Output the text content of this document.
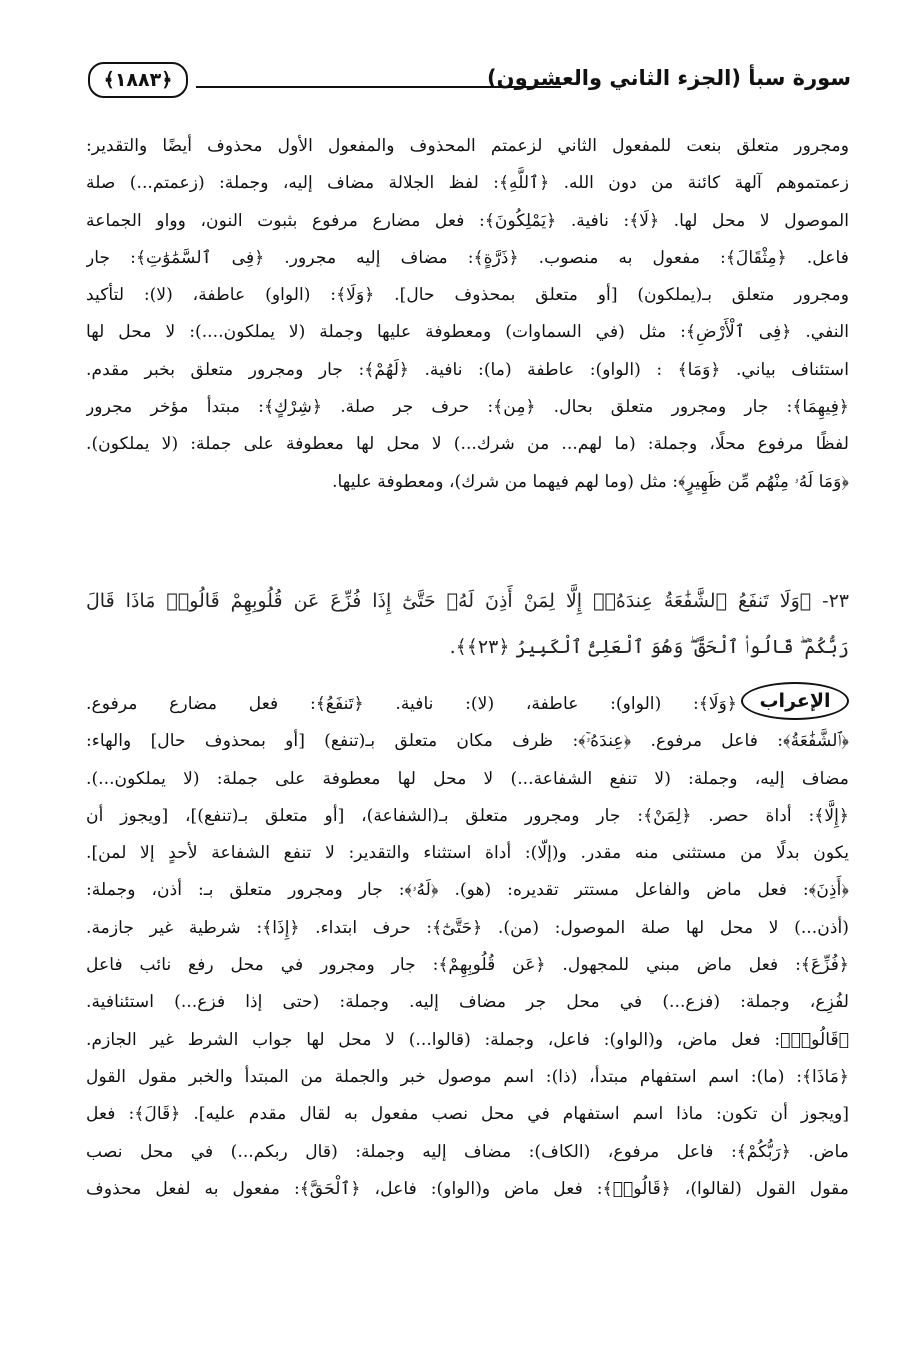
سورة سبأ (الجزء الثاني والعشرون)
﴿١٨٨٣﴾
ومجرور متعلق بنعت للمفعول الثاني لزعمتم المحذوف والمفعول الأول محذوف أيضًا والتقدير:
زعمتموهم آلهة كائنة من دون الله. ﴿ٱللَّهِ﴾: لفظ الجلالة مضاف إليه، وجملة: (زعمتم...) صلة
الموصول لا محل لها. ﴿لَا﴾: نافية. ﴿يَمْلِكُونَ﴾: فعل مضارع مرفوع بثبوت النون، وواو الجماعة
فاعل. ﴿مِثْقَالَ﴾: مفعول به منصوب. ﴿ذَرَّةٍ﴾: مضاف إليه مجرور. ﴿فِى ٱلسَّمَٰوَٰتِ﴾: جار
ومجرور متعلق بـ(يملكون) [أو متعلق بمحذوف حال]. ﴿وَلَا﴾: (الواو) عاطفة، (لا): لتأكيد
النفي. ﴿فِى ٱلْأَرْضِ﴾: مثل (في السماوات) ومعطوفة عليها وجملة (لا يملكون....): لا محل لها
استئناف بياني. ﴿وَمَا﴾ : (الواو): عاطفة (ما): نافية. ﴿لَهُمْ﴾: جار ومجرور متعلق بخبر مقدم.
﴿فِيهِمَا﴾: جار ومجرور متعلق بحال. ﴿مِن﴾: حرف جر صلة. ﴿شِرْكٍ﴾: مبتدأ مؤخر مجرور
لفظًا مرفوع محلًا، وجملة: (ما لهم... من شرك...) لا محل لها معطوفة على جملة: (لا يملكون).
﴿وَمَا لَهُۥ مِنْهُم مِّن ظَهِيرٍ﴾: مثل (وما لهم فيهما من شرك)، ومعطوفة عليها.
٢٣- ﴿وَلَا تَنفَعُ ٱلشَّفَٰعَةُ عِندَهُۥٓ إِلَّا لِمَنْ أَذِنَ لَهُۥ حَتَّىٰٓ إِذَا فُزِّعَ عَن قُلُوبِهِمْ قَالُوا۟ مَاذَا قَالَ
رَبُّكُمْ ۖ قَالُوا۟ ٱلْحَقَّ ۖ وَهُوَ ٱلْعَلِىُّ ٱلْكَبِيرُ ﴿٢٣﴾﴾.
الإعراب
﴿وَلَا﴾: (الواو): عاطفة، (لا): نافية. ﴿تَنفَعُ﴾: فعل مضارع مرفوع.
﴿ٱلشَّفَٰعَةُ﴾: فاعل مرفوع. ﴿عِندَهُۥٓ﴾: ظرف مكان متعلق بـ(تنفع) [أو بمحذوف حال] والهاء:
مضاف إليه، وجملة: (لا تنفع الشفاعة...) لا محل لها معطوفة على جملة: (لا يملكون...).
﴿إِلَّا﴾: أداة حصر. ﴿لِمَنْ﴾: جار ومجرور متعلق بـ(الشفاعة)، [أو متعلق بـ(تنفع)]، [ويجوز أن
يكون بدلًا من مستثنى منه مقدر. و(إلّا): أداة استثناء والتقدير: لا تنفع الشفاعة لأحدٍ إلا لمن].
﴿أَذِنَ﴾: فعل ماض والفاعل مستتر تقديره: (هو). ﴿لَهُۥ﴾: جار ومجرور متعلق بـ: أذن، وجملة:
(أذن...) لا محل لها صلة الموصول: (من). ﴿حَتَّىٰٓ﴾: حرف ابتداء. ﴿إِذَا﴾: شرطية غير جازمة.
﴿فُزِّعَ﴾: فعل ماض مبني للمجهول. ﴿عَن قُلُوبِهِمْ﴾: جار ومجرور في محل رفع نائب فاعل
لفُزِع، وجملة: (فزع...) في محل جر مضاف إليه. وجملة: (حتى إذا فزع...) استئنافية.
﴿قَالُوا۟﴾: فعل ماض، و(الواو): فاعل، وجملة: (قالوا...) لا محل لها جواب الشرط غير الجازم.
﴿مَاذَا﴾: (ما): اسم استفهام مبتدأ، (ذا): اسم موصول خبر والجملة من المبتدأ والخبر مقول القول
[ويجوز أن تكون: ماذا اسم استفهام في محل نصب مفعول به لقال مقدم عليه]. ﴿قَالَ﴾: فعل
ماض. ﴿رَبُّكُمْ﴾: فاعل مرفوع، (الكاف): مضاف إليه وجملة: (قال ربكم...) في محل نصب
مقول القول (لقالوا)، ﴿قَالُوا۟﴾: فعل ماض و(الواو): فاعل، ﴿ٱلْحَقَّ﴾: مفعول به لفعل محذوف
